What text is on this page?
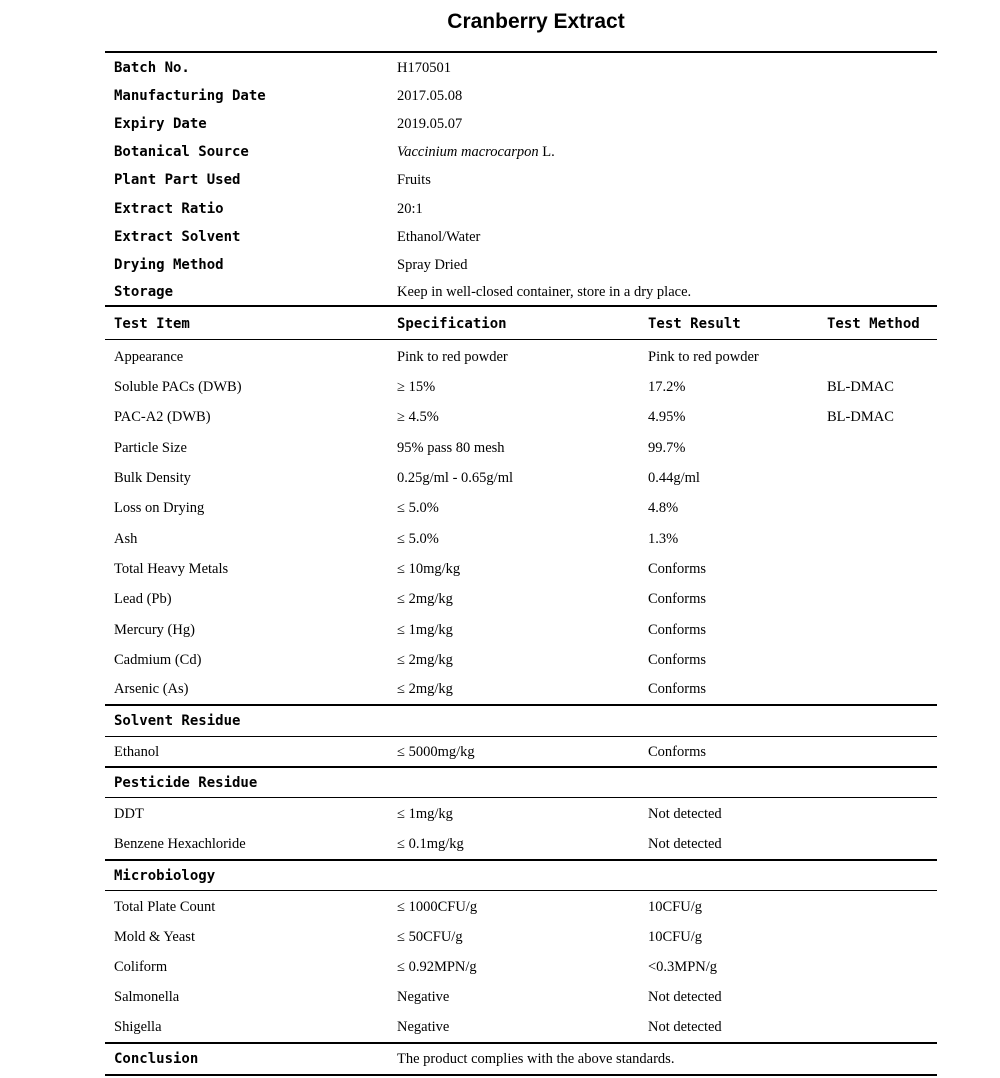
Cranberry Extract
Batch No.	H170501
Manufacturing Date	2017.05.08
Expiry Date	2019.05.07
Botanical Source	Vaccinium macrocarpon L.
Plant Part Used	Fruits
Extract Ratio	20:1
Extract Solvent	Ethanol/Water
Drying Method	Spray Dried
Storage	Keep in well-closed container, store in a dry place.
Test Item	Specification	Test Result	Test Method
Appearance	Pink to red powder	Pink to red powder
Soluble PACs (DWB)	≥ 15%	17.2%	BL-DMAC
PAC-A2 (DWB)	≥ 4.5%	4.95%	BL-DMAC
Particle Size	95% pass 80 mesh	99.7%
Bulk Density	0.25g/ml - 0.65g/ml	0.44g/ml
Loss on Drying	≤ 5.0%	4.8%
Ash	≤ 5.0%	1.3%
Total Heavy Metals	≤ 10mg/kg	Conforms
Lead (Pb)	≤ 2mg/kg	Conforms
Mercury (Hg)	≤ 1mg/kg	Conforms
Cadmium (Cd)	≤ 2mg/kg	Conforms
Arsenic (As)	≤ 2mg/kg	Conforms
Solvent Residue
Ethanol	≤ 5000mg/kg	Conforms
Pesticide Residue
DDT	≤ 1mg/kg	Not detected
Benzene Hexachloride	≤ 0.1mg/kg	Not detected
Microbiology
Total Plate Count	≤ 1000CFU/g	10CFU/g
Mold & Yeast	≤ 50CFU/g	10CFU/g
Coliform	≤ 0.92MPN/g	<0.3MPN/g
Salmonella	Negative	Not detected
Shigella	Negative	Not detected
Conclusion	The product complies with the above standards.
